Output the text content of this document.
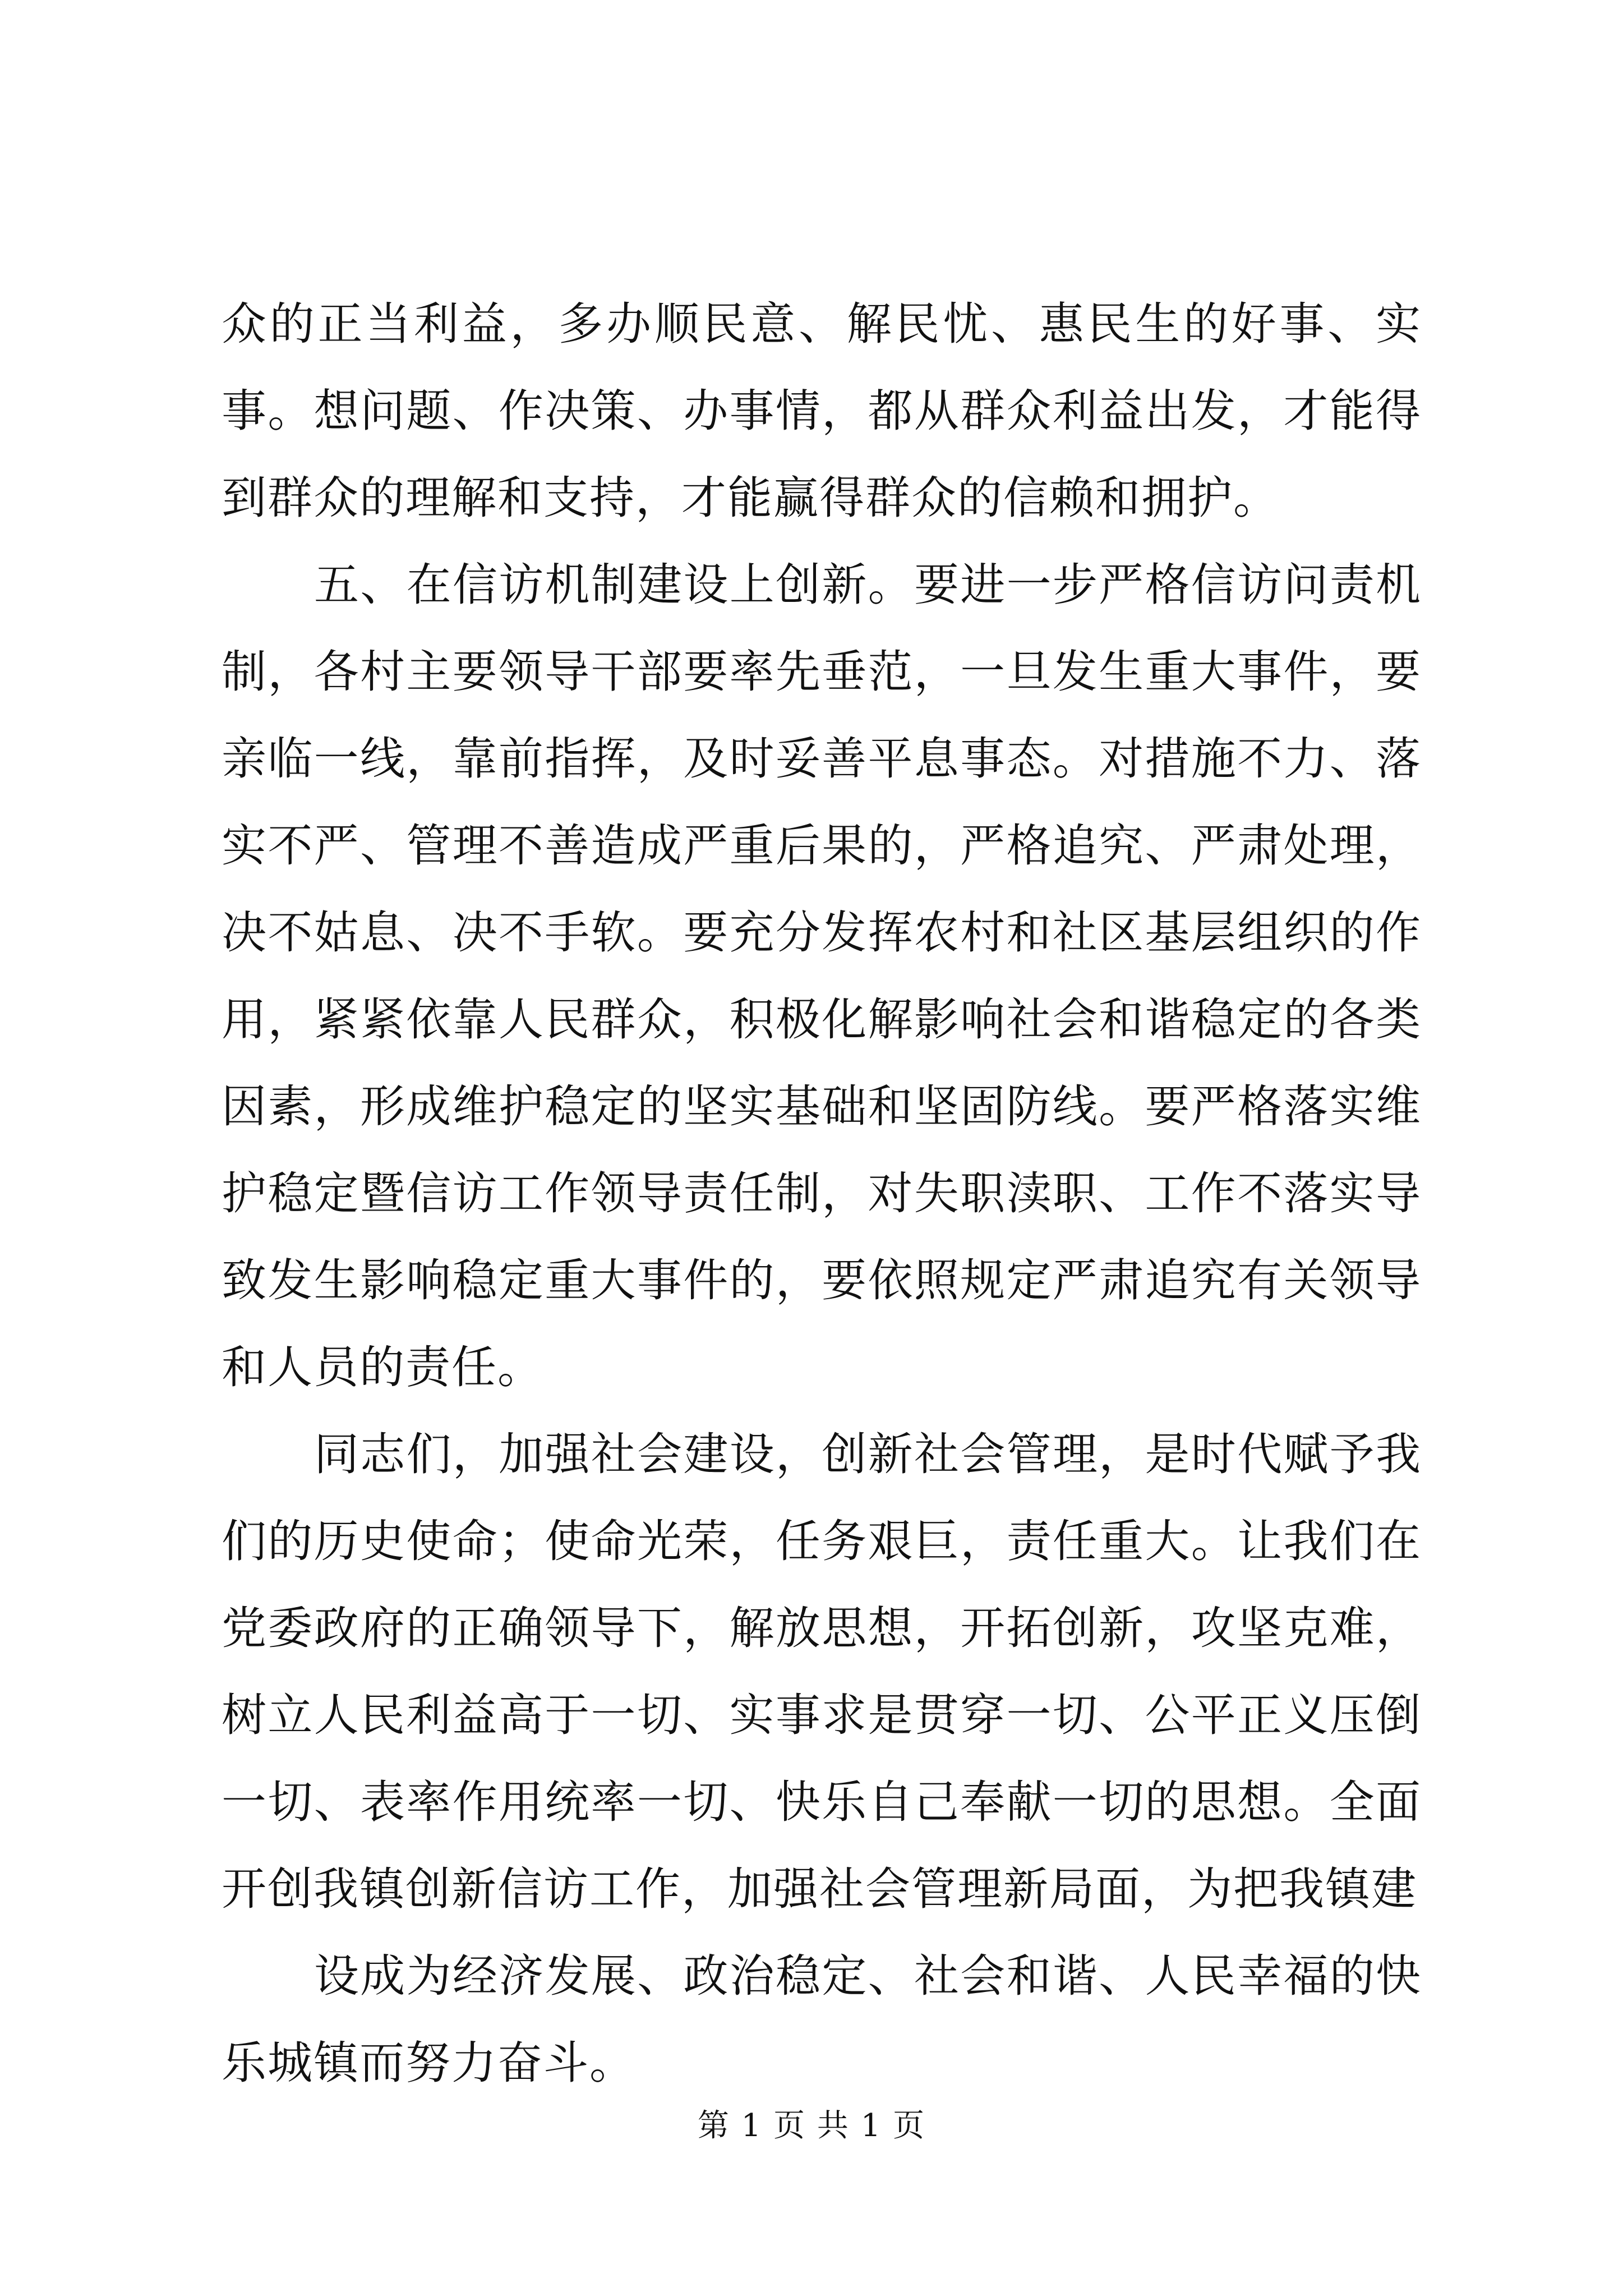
众的正当利益，多办顺民意、解民忧、惠民生的好事、实事。想问题、作决策、办事情，都从群众利益出发，才能得到群众的理解和支持，才能赢得群众的信赖和拥护。

五、在信访机制建设上创新。要进一步严格信访问责机制，各村主要领导干部要率先垂范，一旦发生重大事件，要亲临一线，靠前指挥，及时妥善平息事态。对措施不力、落实不严、管理不善造成严重后果的，严格追究、严肃处理，决不姑息、决不手软。要充分发挥农村和社区基层组织的作用，紧紧依靠人民群众，积极化解影响社会和谐稳定的各类因素，形成维护稳定的坚实基础和坚固防线。要严格落实维护稳定暨信访工作领导责任制，对失职渎职、工作不落实导致发生影响稳定重大事件的，要依照规定严肃追究有关领导和人员的责任。

同志们，加强社会建设，创新社会管理，是时代赋予我们的历史使命；使命光荣，任务艰巨，责任重大。让我们在党委政府的正确领导下，解放思想，开拓创新，攻坚克难，树立人民利益高于一切、实事求是贯穿一切、公平正义压倒一切、表率作用统率一切、快乐自己奉献一切的思想。全面开创我镇创新信访工作，加强社会管理新局面，为把我镇建

设成为经济发展、政治稳定、社会和谐、人民幸福的快乐城镇而努力奋斗。

第 1 页 共 1 页
